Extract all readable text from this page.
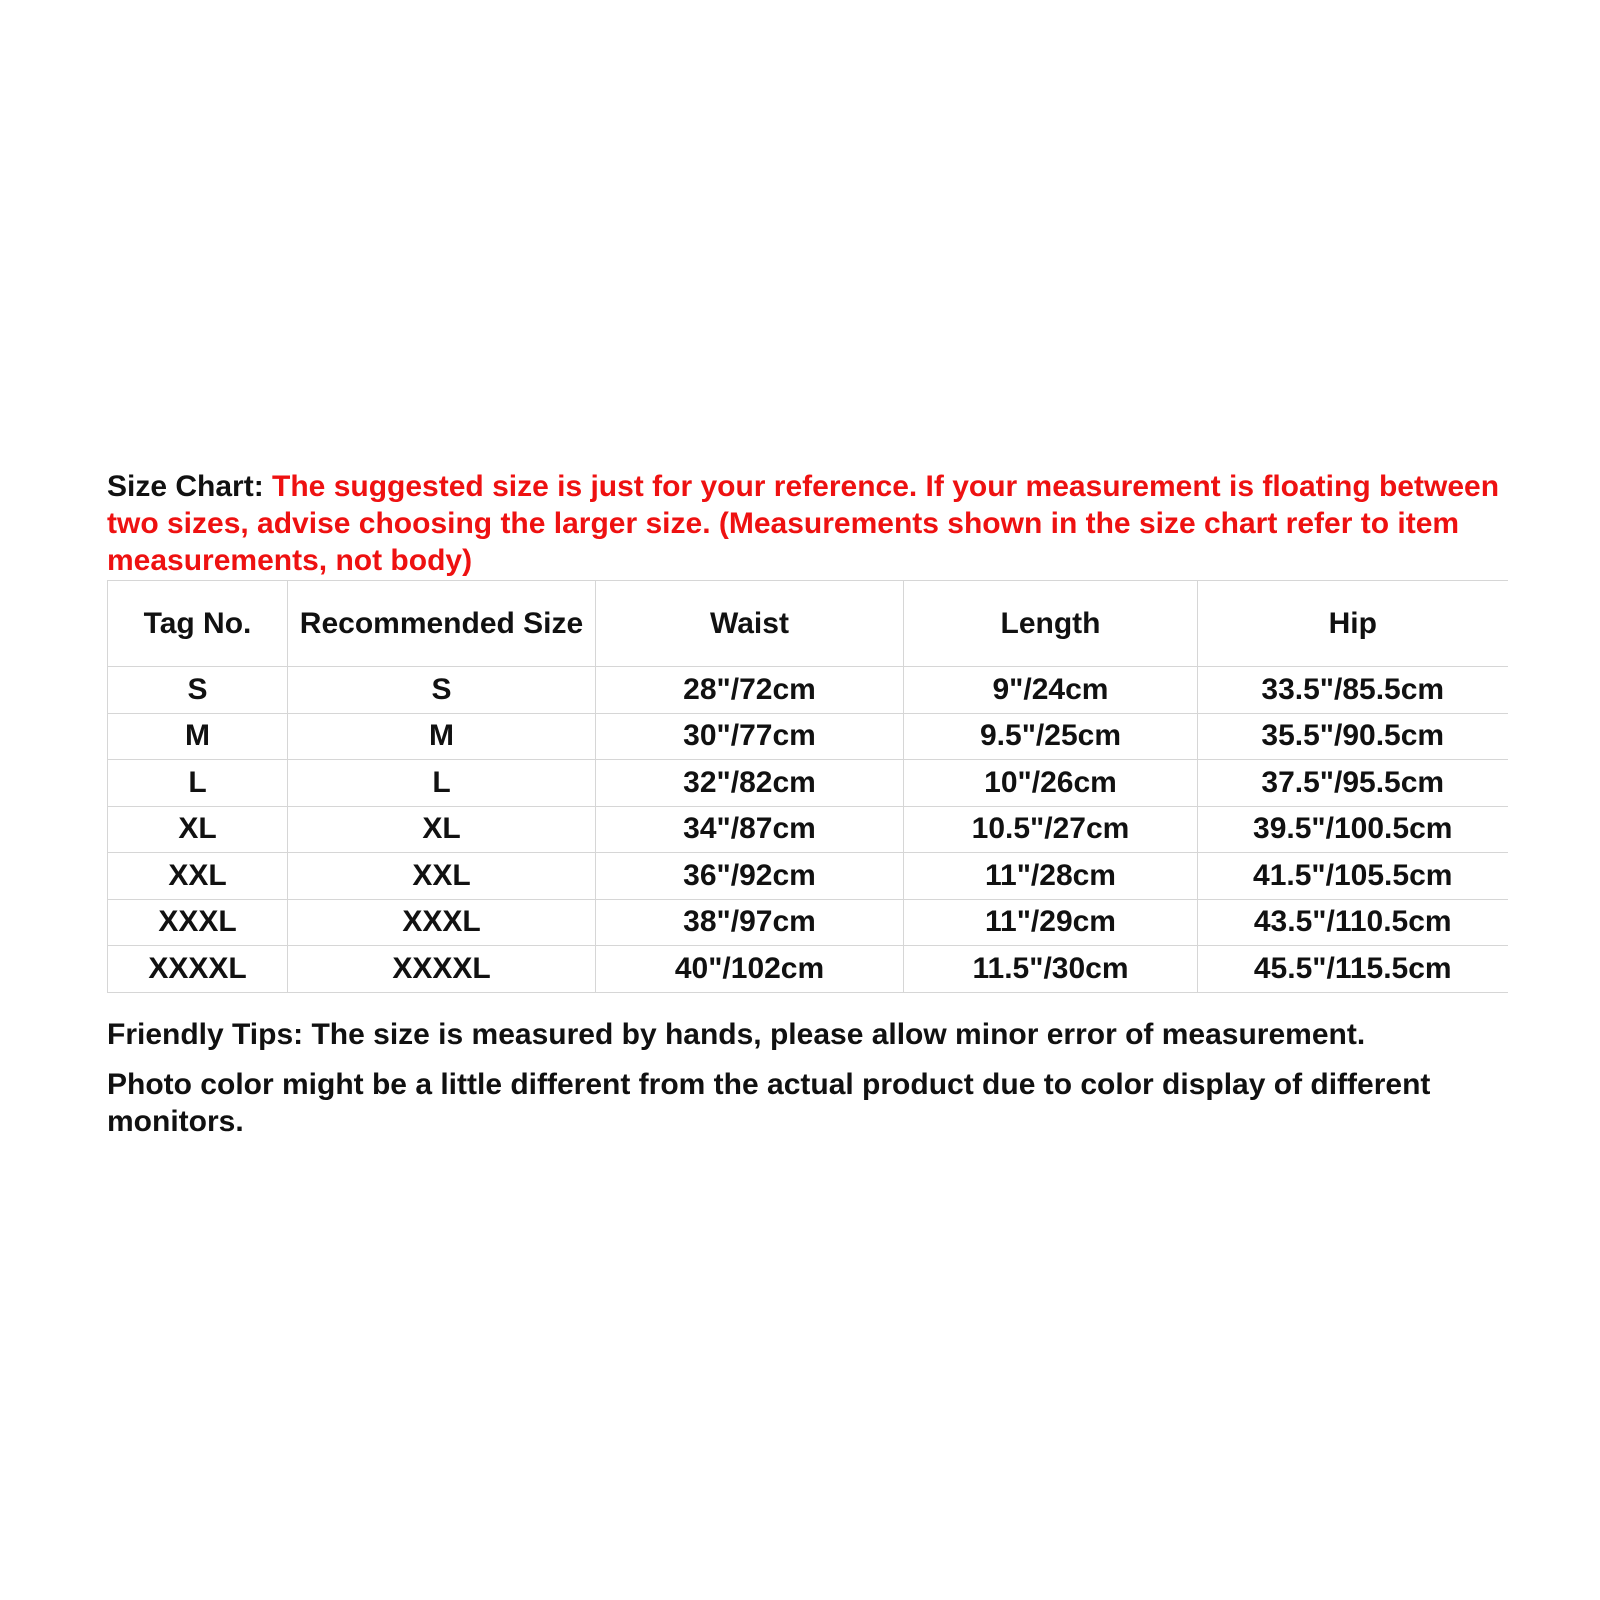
Size Chart: The suggested size is just for your reference. If your measurement is floating between two sizes, advise choosing the larger size. (Measurements shown in the size chart refer to item measurements, not body)
Tag No.	Recommended Size	Waist	Length	Hip
S	S	28"/72cm	9"/24cm	33.5"/85.5cm
M	M	30"/77cm	9.5"/25cm	35.5"/90.5cm
L	L	32"/82cm	10"/26cm	37.5"/95.5cm
XL	XL	34"/87cm	10.5"/27cm	39.5"/100.5cm
XXL	XXL	36"/92cm	11"/28cm	41.5"/105.5cm
XXXL	XXXL	38"/97cm	11"/29cm	43.5"/110.5cm
XXXXL	XXXXL	40"/102cm	11.5"/30cm	45.5"/115.5cm
Friendly Tips: The size is measured by hands, please allow minor error of measurement.
Photo color might be a little different from the actual product due to color display of different monitors.
